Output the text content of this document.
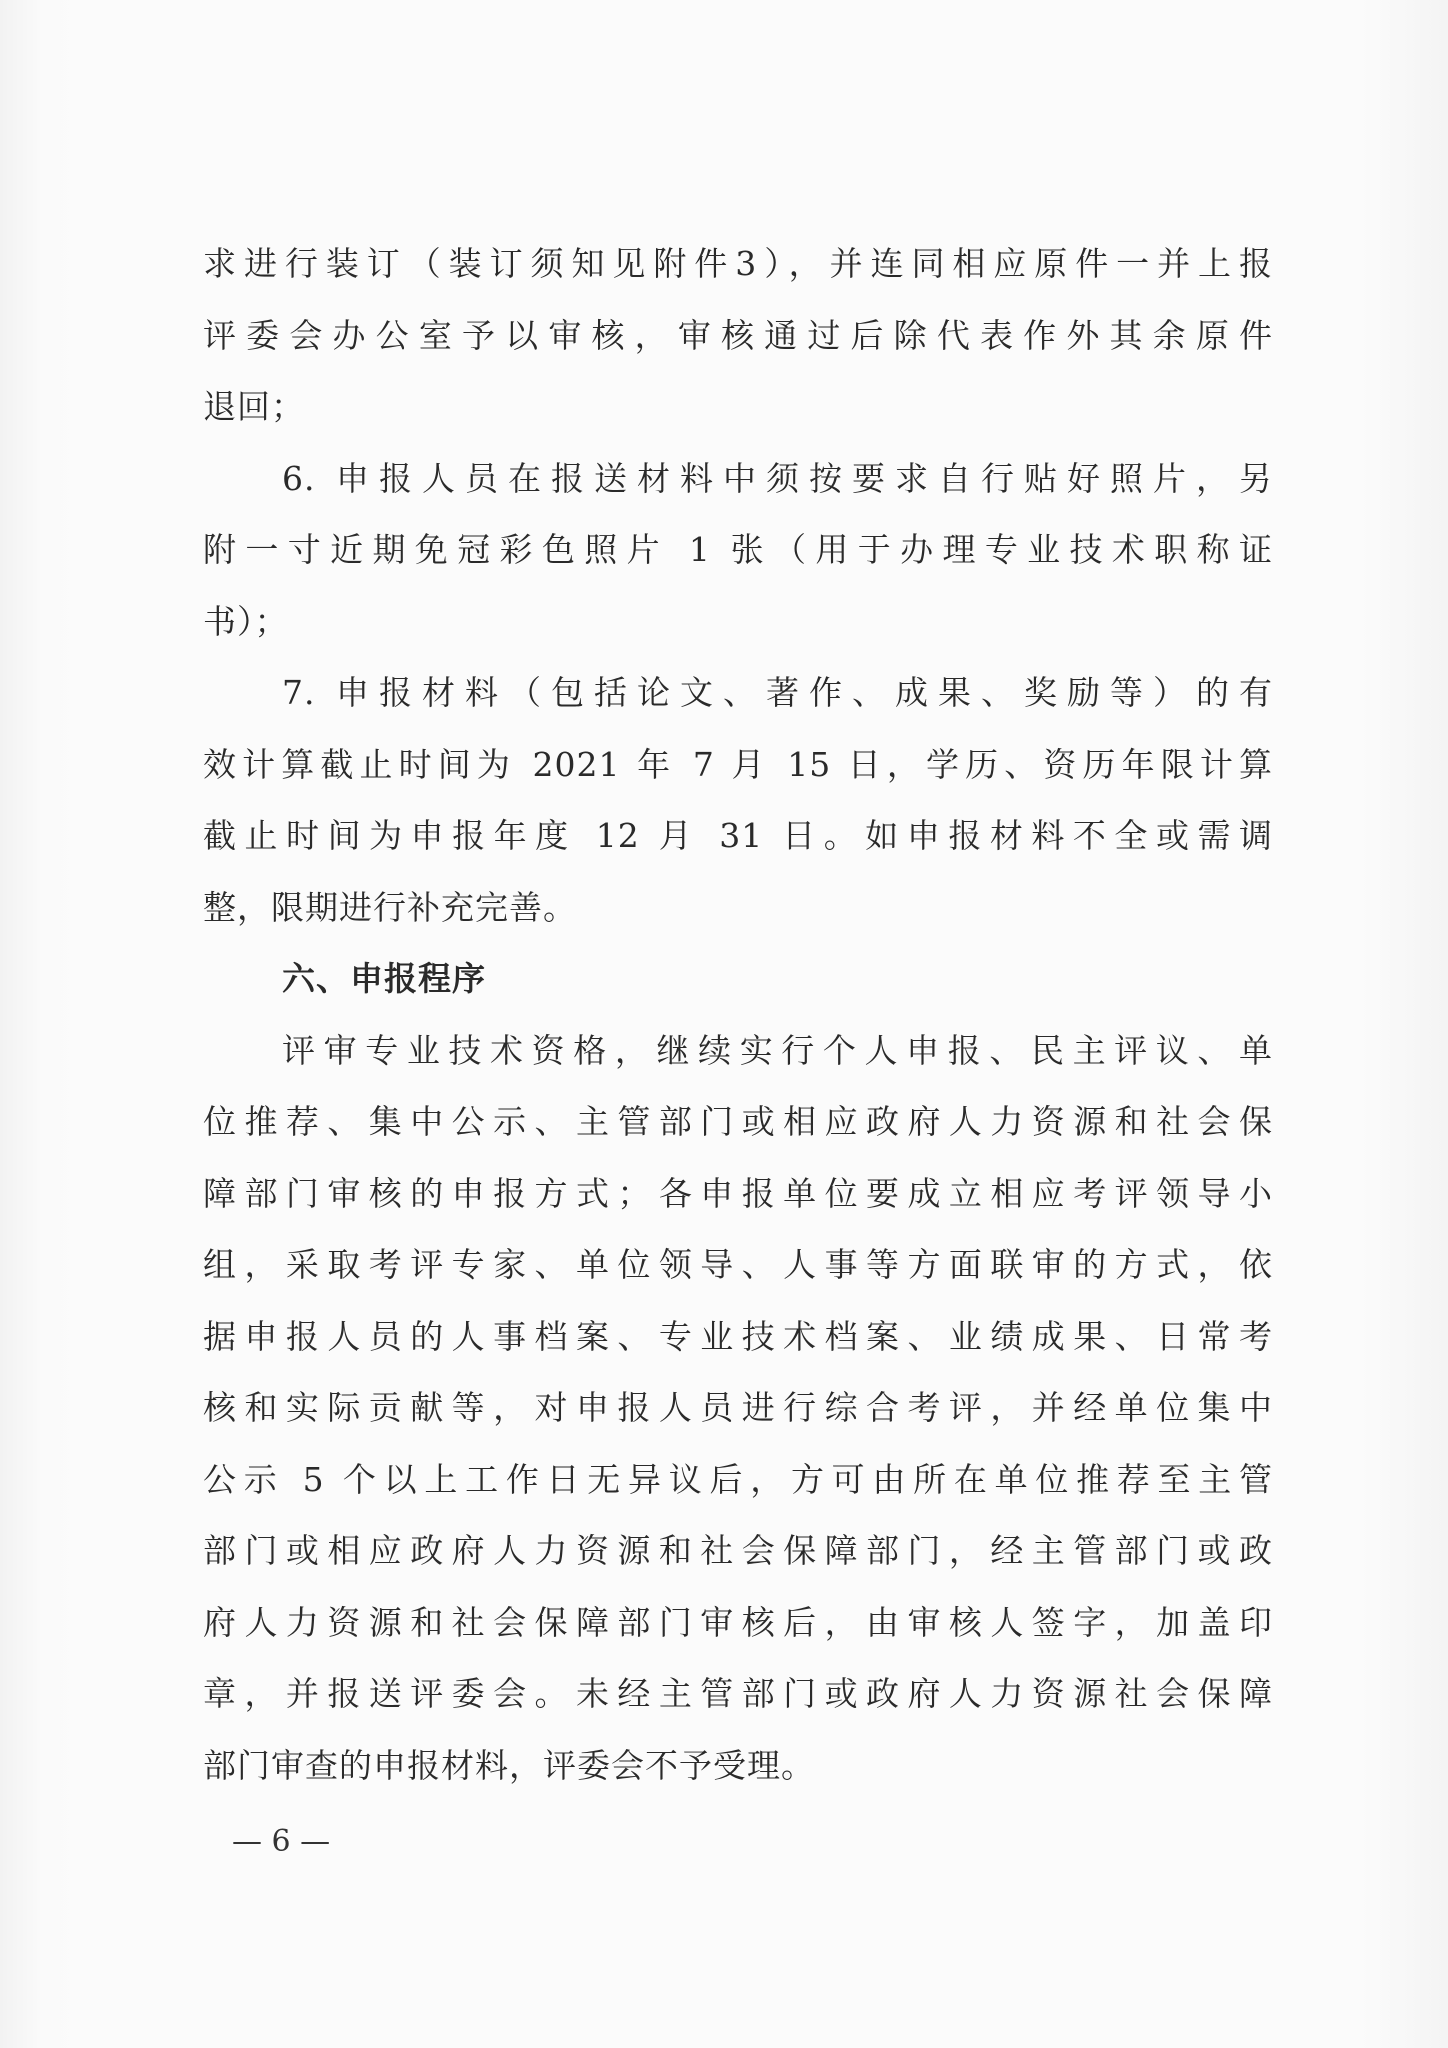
求进行装订（装订须知见附件3），并连同相应原件一并上报
评委会办公室予以审核，审核通过后除代表作外其余原件
退回；
6. 申报人员在报送材料中须按要求自行贴好照片，另
附一寸近期免冠彩色照片 1 张（用于办理专业技术职称证
书）；
7. 申报材料（包括论文、著作、成果、奖励等）的有
效计算截止时间为 2021 年 7 月 15 日，学历、资历年限计算
截止时间为申报年度 12 月 31 日。如申报材料不全或需调
整，限期进行补充完善。
六、申报程序
评审专业技术资格，继续实行个人申报、民主评议、单
位推荐、集中公示、主管部门或相应政府人力资源和社会保
障部门审核的申报方式；各申报单位要成立相应考评领导小
组，采取考评专家、单位领导、人事等方面联审的方式，依
据申报人员的人事档案、专业技术档案、业绩成果、日常考
核和实际贡献等，对申报人员进行综合考评，并经单位集中
公示 5 个以上工作日无异议后，方可由所在单位推荐至主管
部门或相应政府人力资源和社会保障部门，经主管部门或政
府人力资源和社会保障部门审核后，由审核人签字，加盖印
章，并报送评委会。未经主管部门或政府人力资源社会保障
部门审查的申报材料，评委会不予受理。
— 6 —
